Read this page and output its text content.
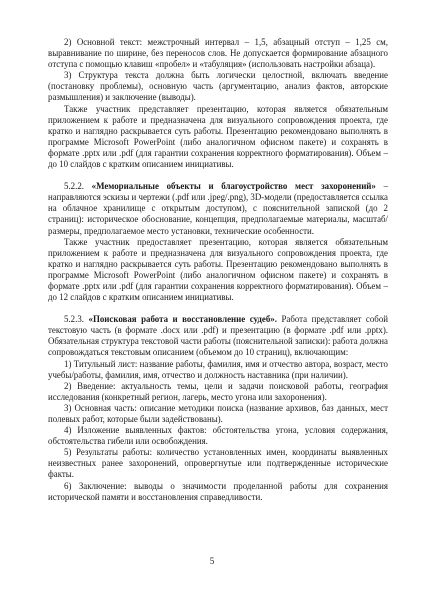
2) Основной текст: межстрочный интервал – 1,5, абзацный отступ – 1,25 см, выравнивание по ширине, без переносов слов. Не допускается формирование абзацного отступа с помощью клавиш «пробел» и «табуляция» (использовать настройки абзаца).

3) Структура текста должна быть логически целостной, включать введение (постановку проблемы), основную часть (аргументацию, анализ фактов, авторские размышления) и заключение (выводы).

Также участник представляет презентацию, которая является обязательным приложением к работе и предназначена для визуального сопровождения проекта, где кратко и наглядно раскрывается суть работы. Презентацию рекомендовано выполнять в программе Microsoft PowerPoint (либо аналогичном офисном пакете) и сохранять в формате .pptx или .pdf (для гарантии сохранения корректного форматирования). Объем – до 10 слайдов с кратким описанием инициативы.

5.2.2. «Мемориальные объекты и благоустройство мест захоронений» – направляются эскизы и чертежи (.pdf или .jpeg/.png), 3D-модели (предоставляется ссылка на облачное хранилище с открытым доступом), с пояснительной запиской (до 2 страниц): историческое обоснование, концепция, предполагаемые материалы, масштаб/размеры, предполагаемое место установки, технические особенности.

Также участник предоставляет презентацию, которая является обязательным приложением к работе и предназначена для визуального сопровождения проекта, где кратко и наглядно раскрывается суть работы. Презентацию рекомендовано выполнять в программе Microsoft PowerPoint (либо аналогичном офисном пакете) и сохранять в формате .pptx или .pdf (для гарантии сохранения корректного форматирования). Объем – до 12 слайдов с кратким описанием инициативы.

5.2.3. «Поисковая работа и восстановление судеб». Работа представляет собой текстовую часть (в формате .docx или .pdf) и презентацию (в формате .pdf или .pptx). Обязательная структура текстовой части работы (пояснительной записки): работа должна сопровождаться текстовым описанием (объемом до 10 страниц), включающим:

1) Титульный лист: название работы, фамилия, имя и отчество автора, возраст, место учебы/работы, фамилия, имя, отчество и должность наставника (при наличии).

2) Введение: актуальность темы, цели и задачи поисковой работы, география исследования (конкретный регион, лагерь, место угона или захоронения).

3) Основная часть: описание методики поиска (название архивов, баз данных, мест полевых работ, которые были задействованы).

4) Изложение выявленных фактов: обстоятельства угона, условия содержания, обстоятельства гибели или освобождения.

5) Результаты работы: количество установленных имен, координаты выявленных неизвестных ранее захоронений, опровергнутые или подтвержденные исторические факты.

6) Заключение: выводы о значимости проделанной работы для сохранения исторической памяти и восстановления справедливости.

5
